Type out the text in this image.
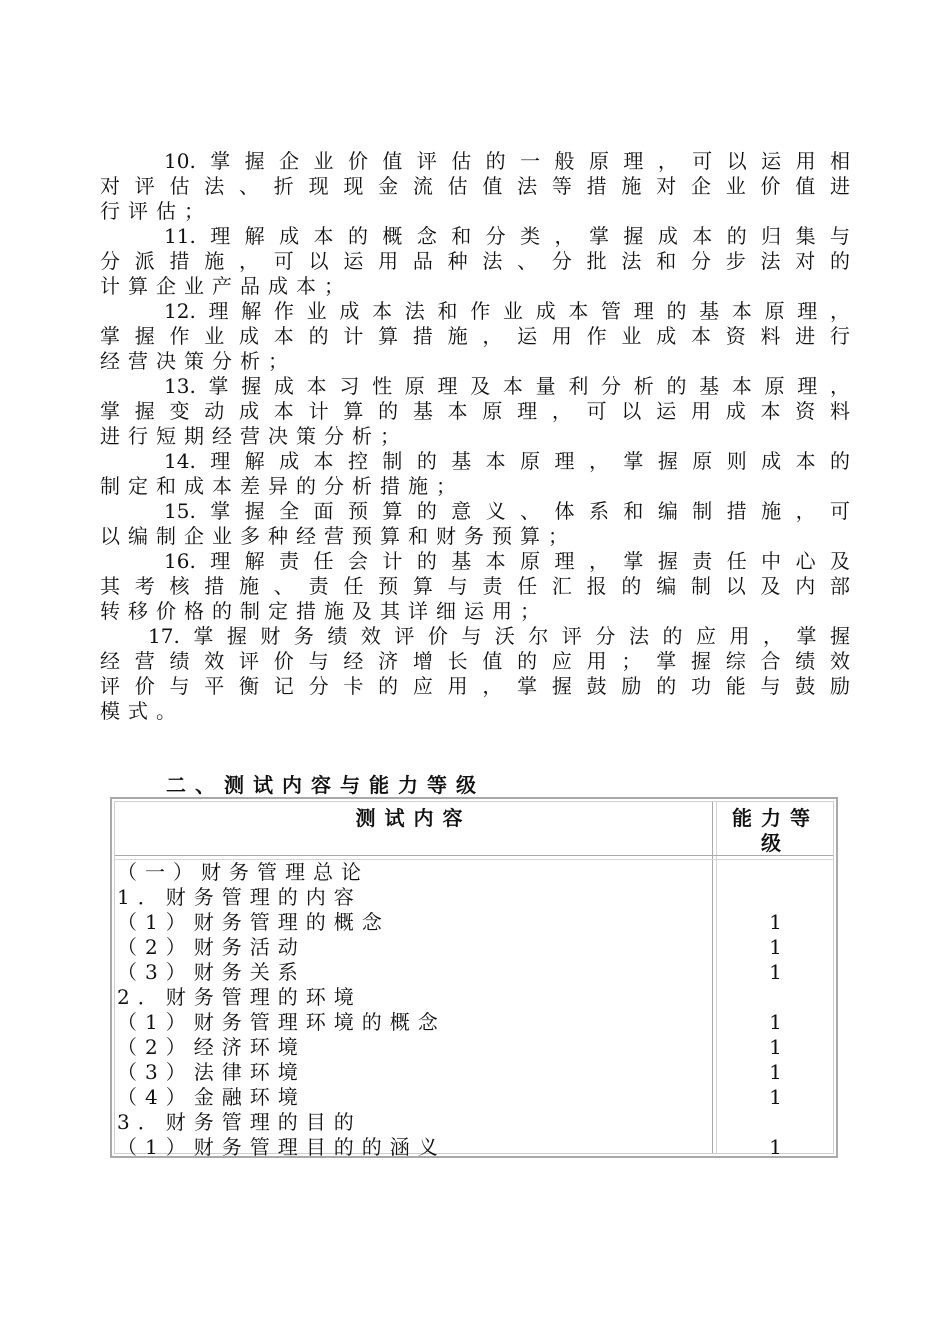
10.掌握企业价值评估的一般原理，可以运用相
对评估法、折现现金流估值法等措施对企业价值进
行评估；
11.理解成本的概念和分类，掌握成本的归集与
分派措施，可以运用品种法、分批法和分步法对的
计算企业产品成本；
12.理解作业成本法和作业成本管理的基本原理，
掌握作业成本的计算措施，运用作业成本资料进行
经营决策分析；
13.掌握成本习性原理及本量利分析的基本原理，
掌握变动成本计算的基本原理，可以运用成本资料
进行短期经营决策分析；
14.理解成本控制的基本原理，掌握原则成本的
制定和成本差异的分析措施；
15.掌握全面预算的意义、体系和编制措施，可
以编制企业多种经营预算和财务预算；
16.理解责任会计的基本原理，掌握责任中心及
其考核措施、责任预算与责任汇报的编制以及内部
转移价格的制定措施及其详细运用；
17.掌握财务绩效评价与沃尔评分法的应用，掌握
经营绩效评价与经济增长值的应用；掌握综合绩效
评价与平衡记分卡的应用，掌握鼓励的功能与鼓励
模式。
二、测试内容与能力等级
测试内容	能力等
级
（一）财务管理总论
1．财务管理的内容
（1）财务管理的概念	1
（2）财务活动	1
（3）财务关系	1
2．财务管理的环境
（1）财务管理环境的概念	1
（2）经济环境	1
（3）法律环境	1
（4）金融环境	1
3．财务管理的目的
（1）财务管理目的的涵义	1
